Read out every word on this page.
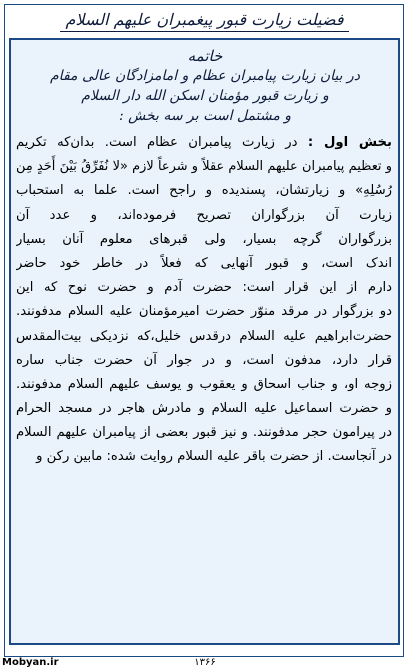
فضیلت زیارت قبور پیغمبران علیهم السلام
خاتمه
در بیان زیارت پیامبران عظام و امامزادگان عالی مقام
و زیارت قبور مؤمنان اسکن الله دار السلام
و مشتمل است بر سه بخش :
بخش اول : در زیارت پیامبران عظام است. بدان‌که تکریم
و تعظیم پیامبران علیهم السلام عقلاً و شرعاً لازم «لا نُفَرِّقُ بَيْنَ أَحَدٍ مِن
رُسُلِهِ» و زیارتشان، پسندیده و راجح است. علما به استحباب
زیارت آن بزرگواران تصریح فرموده‌اند، و عدد آن
بزرگواران گرچه بسیار، ولی قبرهای معلوم آنان بسیار
اندک است، و قبور آنهایی که فعلاً در خاطر خود حاضر
دارم از این قرار است: حضرت آدم و حضرت نوح که این
دو بزرگوار در مرقد منوّر حضرت امیرمؤمنان علیه السلام مدفونند.
حضرت‌ابراهیم علیه السلام در‌قدس خلیل،که نزدیکی بیت‌المقدس
قرار دارد، مدفون است، و در جوار آن حضرت جناب ساره
زوجه او، و جناب اسحاق و یعقوب و یوسف علیهم السلام مدفونند.
و حضرت اسماعیل علیه السلام و مادرش هاجر در مسجد الحرام
در پیرامون حجر مدفونند. و نیز قبور بعضی از پیامبران علیهم السلام
در آنجاست. از حضرت باقر علیه السلام روایت شده: مابین رکن و
Mobyan.ir	۱۳۶۶
